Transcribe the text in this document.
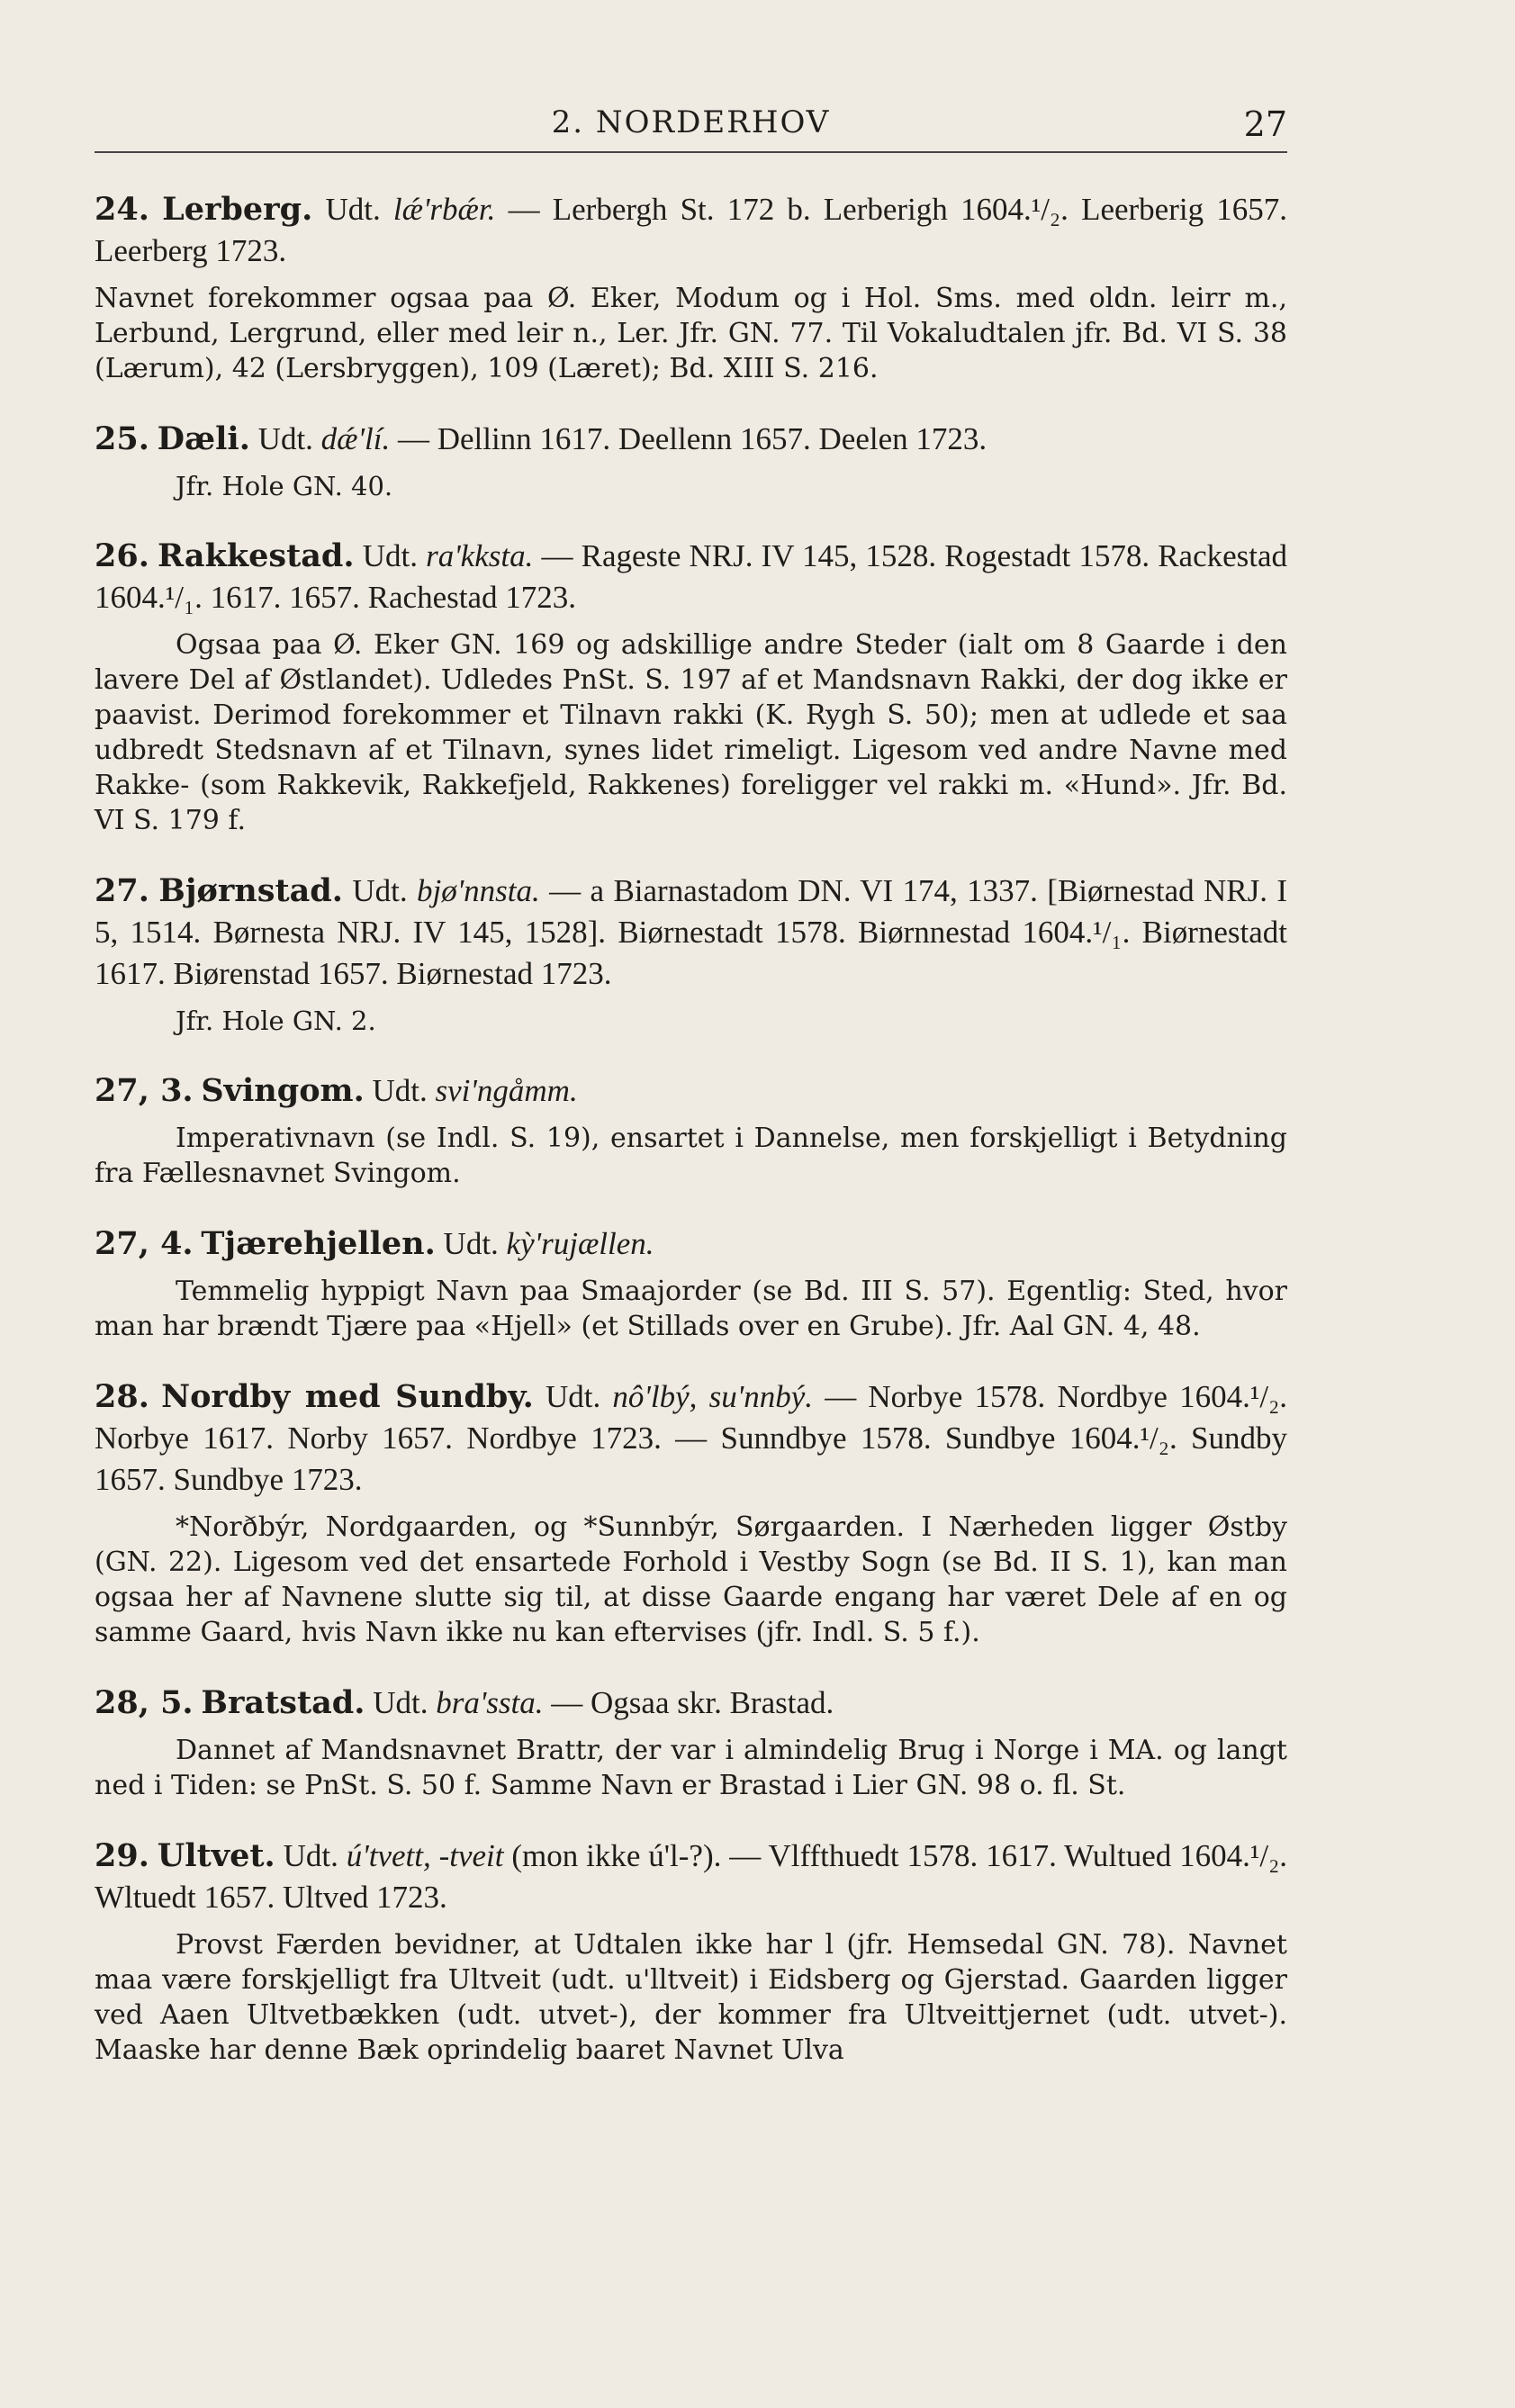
2. NORDERHOV	27
24. Lerberg. Udt. lǽ'rbǽr. — Lerbergh St. 172 b. Lerberigh 1604.¹/₂. Leerberig 1657. Leerberg 1723.
Navnet forekommer ogsaa paa Ø. Eker, Modum og i Hol. Sms. med oldn. leirr m., Lerbund, Lergrund, eller med leir n., Ler. Jfr. GN. 77. Til Vokaludtalen jfr. Bd. VI S. 38 (Lærum), 42 (Lersbryggen), 109 (Læret); Bd. XIII S. 216.
25. Dæli. Udt. dǽ'lí. — Dellinn 1617. Deellenn 1657. Deelen 1723.
Jfr. Hole GN. 40.
26. Rakkestad. Udt. ra'kksta. — Rageste NRJ. IV 145, 1528. Rogestadt 1578. Rackestad 1604.¹/₁. 1617. 1657. Rachestad 1723.
Ogsaa paa Ø. Eker GN. 169 og adskillige andre Steder (ialt om 8 Gaarde i den lavere Del af Østlandet). Udledes PnSt. S. 197 af et Mandsnavn Rakki, der dog ikke er paavist. Derimod forekommer et Tilnavn rakki (K. Rygh S. 50); men at udlede et saa udbredt Stedsnavn af et Tilnavn, synes lidet rimeligt. Ligesom ved andre Navne med Rakke- (som Rakkevik, Rakkefjeld, Rakkenes) foreligger vel rakki m. «Hund». Jfr. Bd. VI S. 179 f.
27. Bjørnstad. Udt. bjø'nnsta. — a Biarnastadom DN. VI 174, 1337. [Biørnestad NRJ. I 5, 1514. Børnesta NRJ. IV 145, 1528]. Biørnestadt 1578. Biørnnestad 1604.¹/₁. Biørnestadt 1617. Biørenstad 1657. Biørnestad 1723.
Jfr. Hole GN. 2.
27, 3. Svingom. Udt. svi'ngåmm.
Imperativnavn (se Indl. S. 19), ensartet i Dannelse, men forskjelligt i Betydning fra Fællesnavnet Svingom.
27, 4. Tjærehjellen. Udt. kỳ'rujællen.
Temmelig hyppigt Navn paa Smaajorder (se Bd. III S. 57). Egentlig: Sted, hvor man har brændt Tjære paa «Hjell» (et Stillads over en Grube). Jfr. Aal GN. 4, 48.
28. Nordby med Sundby. Udt. nô'lbý, su'nnbý. — Norbye 1578. Nordbye 1604.¹/₂. Norbye 1617. Norby 1657. Nordbye 1723. — Sunndbye 1578. Sundbye 1604.¹/₂. Sundby 1657. Sundbye 1723.
*Norðbýr, Nordgaarden, og *Sunnbýr, Sørgaarden. I Nærheden ligger Østby (GN. 22). Ligesom ved det ensartede Forhold i Vestby Sogn (se Bd. II S. 1), kan man ogsaa her af Navnene slutte sig til, at disse Gaarde engang har været Dele af en og samme Gaard, hvis Navn ikke nu kan eftervises (jfr. Indl. S. 5 f.).
28, 5. Bratstad. Udt. bra'ssta. — Ogsaa skr. Brastad.
Dannet af Mandsnavnet Brattr, der var i almindelig Brug i Norge i MA. og langt ned i Tiden: se PnSt. S. 50 f. Samme Navn er Brastad i Lier GN. 98 o. fl. St.
29. Ultvet. Udt. ú'tvett, -tveit (mon ikke ú'l-?). — Vlffthuedt 1578. 1617. Wultued 1604.¹/₂. Wltuedt 1657. Ultved 1723.
Provst Færden bevidner, at Udtalen ikke har l (jfr. Hemsedal GN. 78). Navnet maa være forskjelligt fra Ultveit (udt. u'lltveit) i Eidsberg og Gjerstad. Gaarden ligger ved Aaen Ultvetbækken (udt. utvet-), der kommer fra Ultveittjernet (udt. utvet-). Maaske har denne Bæk oprindelig baaret Navnet Ulva
